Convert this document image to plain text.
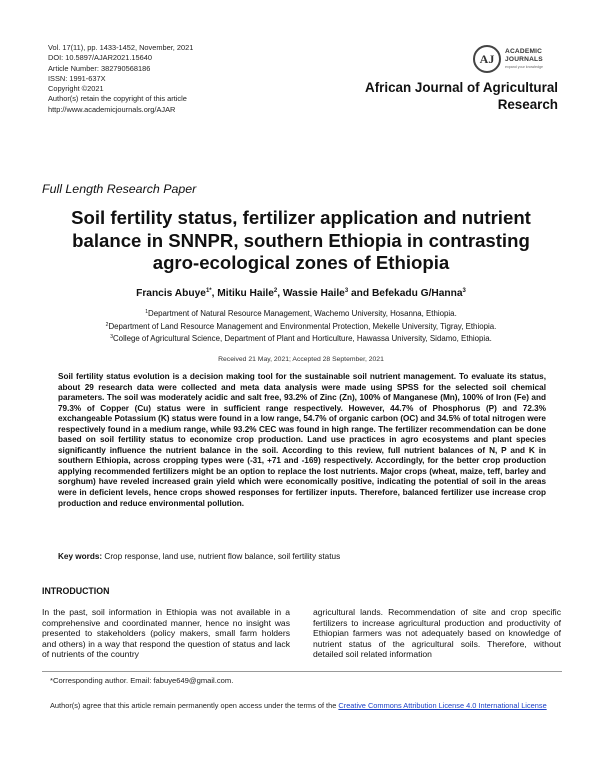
Vol. 17(11), pp. 1433-1452, November, 2021
DOI: 10.5897/AJAR2021.15640
Article Number: 382790568186
ISSN: 1991-637X
Copyright ©2021
Author(s) retain the copyright of this article
http://www.academicjournals.org/AJAR
AJ	ACADEMIC
JOURNALS
expand your knowledge
African Journal of Agricultural
Research
Full Length Research Paper
Soil fertility status, fertilizer application and nutrient
balance in SNNPR, southern Ethiopia in contrasting
agro-ecological zones of Ethiopia
Francis Abuye$^{1*}$, Mitiku Haile$^2$, Wassie Haile$^3$ and Befekadu G/Hanna$^3$
$^1$Department of Natural Resource Management, Wachemo University, Hosanna, Ethiopia.
$^2$Department of Land Resource Management and Environmental Protection, Mekelle University, Tigray, Ethiopia.
$^3$College of Agricultural Science, Department of Plant and Horticulture, Hawassa University, Sidamo, Ethiopia.
Received 21 May, 2021; Accepted 28 September, 2021

Soil fertility status evolution is a decision making tool for the sustainable soil nutrient management. To evaluate its status, about 29 research data were collected and meta data analysis were made using SPSS for the selected soil chemical parameters. The soil was moderately acidic and salt free, 93.2% of Zinc (Zn), 100% of Manganese (Mn), 100% of Iron (Fe) and 79.3% of Copper (Cu) status were in sufficient range respectively. However, 44.7% of Phosphorus (P) and 72.3% exchangeable Potassium (K) status were found in a low range, 54.7% of organic carbon (OC) and 34.5% of total nitrogen were respectively found in a medium range, while 93.2% CEC was found in high range. The fertilizer recommendation can be done based on soil fertility status to economize crop production. Land use practices in agro ecosystems and plant species significantly influence the nutrient balance in the soil. According to this review, full nutrient balances of N, P and K in southern Ethiopia, across cropping types were (-31, +71 and -169) respectively. Accordingly, for the better crop production applying recommended fertilizers might be an option to replace the lost nutrients. Major crops (wheat, maize, teff, barley and sorghum) have reveled increased grain yield which were economically positive, indicating the potential of soil in the areas were in deficient levels, hence crops showed responses for fertilizer inputs. Therefore, balanced fertilizer use increase crop production and reduce environmental pollution.

Key words: Crop response, land use, nutrient flow balance, soil fertility status
INTRODUCTION

In the past, soil information in Ethiopia was not available in a comprehensive and coordinated manner, hence no insight was presented to stakeholders (policy makers, small farm holders and others) in a way that respond the question of status and lack of nutrients of the country

agricultural lands. Recommendation of site and crop specific fertilizers to increase agricultural production and productivity of Ethiopian farmers was not adequately based on knowledge of nutrient status of the agricultural soils. Therefore, without detailed soil related information

*Corresponding author. Email: fabuye649@gmail.com.
Author(s) agree that this article remain permanently open access under the terms of the Creative Commons Attribution License 4.0 International License
